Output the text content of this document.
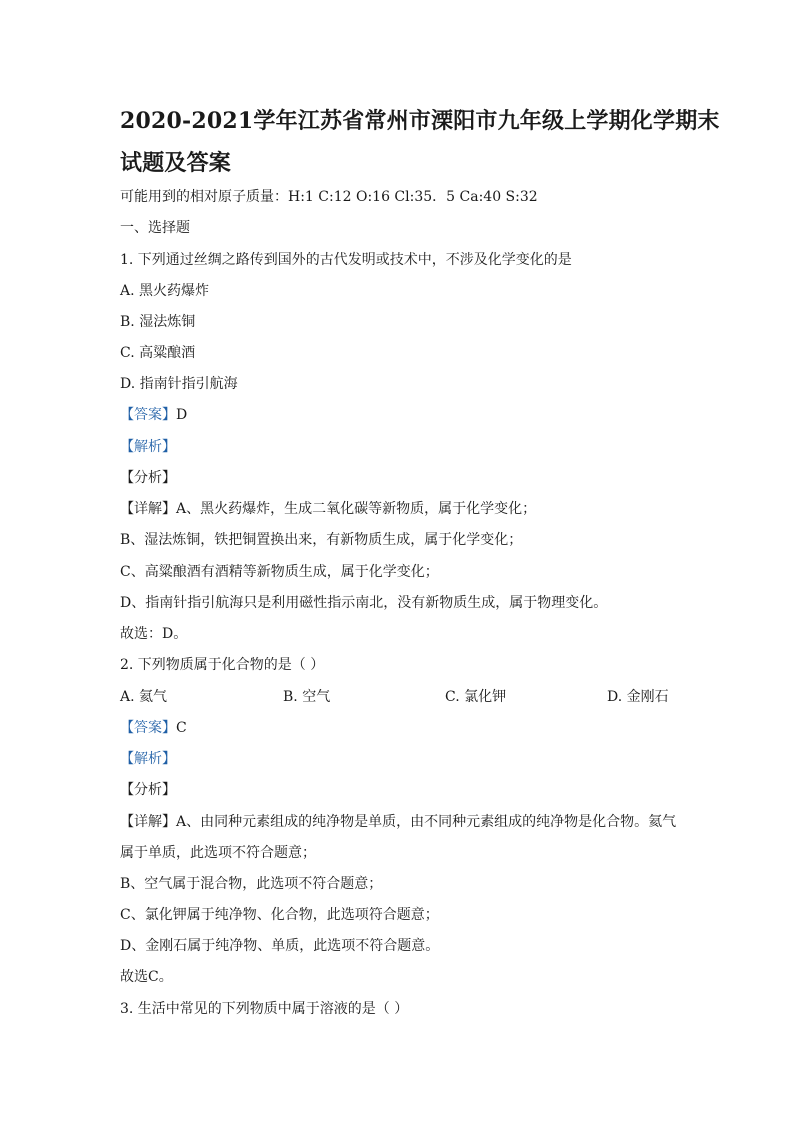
2020-2021学年江苏省常州市溧阳市九年级上学期化学期末
试题及答案
可能用到的相对原子质量：H:1 C:12 O:16 Cl:35．5 Ca:40 S:32
一、选择题
1. 下列通过丝绸之路传到国外的古代发明或技术中，不涉及化学变化的是
A. 黑火药爆炸
B. 湿法炼铜
C. 高粱酿酒
D. 指南针指引航海
【答案】D
【解析】
【分析】
【详解】A、黑火药爆炸，生成二氧化碳等新物质，属于化学变化；
B、湿法炼铜，铁把铜置换出来，有新物质生成，属于化学变化；
C、高粱酿酒有酒精等新物质生成，属于化学变化；
D、指南针指引航海只是利用磁性指示南北，没有新物质生成，属于物理变化。
故选：D。
2. 下列物质属于化合物的是（ ）
A. 氦气	B. 空气	C. 氯化钾	D. 金刚石
【答案】C
【解析】
【分析】
【详解】A、由同种元素组成的纯净物是单质，由不同种元素组成的纯净物是化合物。氦气
属于单质，此选项不符合题意；
B、空气属于混合物，此选项不符合题意；
C、氯化钾属于纯净物、化合物，此选项符合题意；
D、金刚石属于纯净物、单质，此选项不符合题意。
故选C。
3. 生活中常见的下列物质中属于溶液的是（ ）
